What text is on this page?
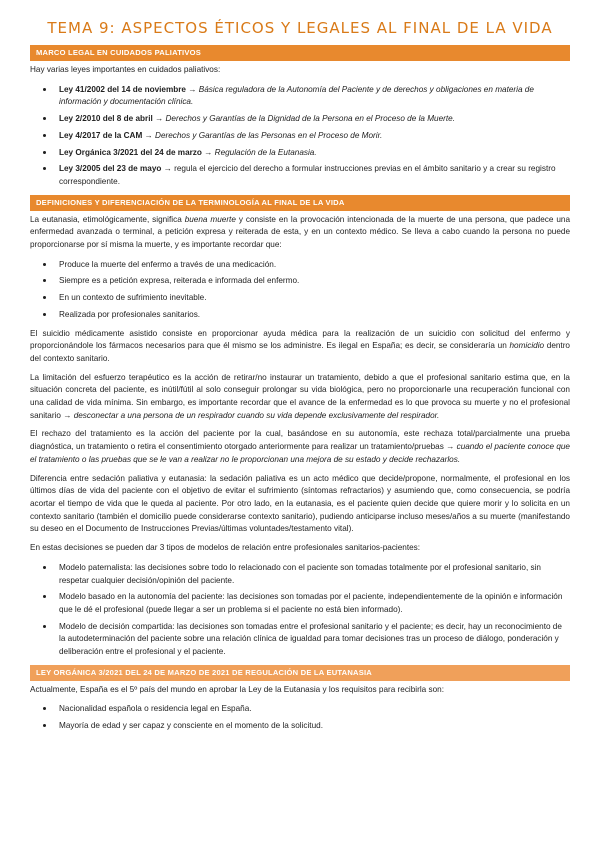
TEMA 9: ASPECTOS ÉTICOS Y LEGALES AL FINAL DE LA VIDA
MARCO LEGAL EN CUIDADOS PALIATIVOS

Hay varias leyes importantes en cuidados paliativos:

• Ley 41/2002 del 14 de noviembre → Básica reguladora de la Autonomía del Paciente y de derechos y obligaciones en materia de información y documentación clínica.
• Ley 2/2010 del 8 de abril → Derechos y Garantías de la Dignidad de la Persona en el Proceso de la Muerte.
• Ley 4/2017 de la CAM → Derechos y Garantías de las Personas en el Proceso de Morir.
• Ley Orgánica 3/2021 del 24 de marzo → Regulación de la Eutanasia.
• Ley 3/2005 del 23 de mayo → regula el ejercicio del derecho a formular instrucciones previas en el ámbito sanitario y a crear su registro correspondiente.
DEFINICIONES Y DIFERENCIACIÓN DE LA TERMINOLOGÍA AL FINAL DE LA VIDA

La eutanasia, etimológicamente, significa buena muerte y consiste en la provocación intencionada de la muerte de una persona, que padece una enfermedad avanzada o terminal, a petición expresa y reiterada de esta, y en un contexto médico. Se lleva a cabo cuando la persona no puede proporcionarse por sí misma la muerte, y es importante recordar que:

• Produce la muerte del enfermo a través de una medicación.
• Siempre es a petición expresa, reiterada e informada del enfermo.
• En un contexto de sufrimiento inevitable.
• Realizada por profesionales sanitarios.

El suicidio médicamente asistido consiste en proporcionar ayuda médica para la realización de un suicidio con solicitud del enfermo y proporcionándole los fármacos necesarios para que él mismo se los administre. Es ilegal en España; es decir, se consideraría un homicidio dentro del contexto sanitario.

La limitación del esfuerzo terapéutico es la acción de retirar/no instaurar un tratamiento, debido a que el profesional sanitario estima que, en la situación concreta del paciente, es inútil/fútil al solo conseguir prolongar su vida biológica, pero no proporcionarle una recuperación funcional con una calidad de vida mínima. Sin embargo, es importante recordar que el avance de la enfermedad es lo que provoca su muerte y no el profesional sanitario → desconectar a una persona de un respirador cuando su vida depende exclusivamente del respirador.

El rechazo del tratamiento es la acción del paciente por la cual, basándose en su autonomía, este rechaza total/parcialmente una prueba diagnóstica, un tratamiento o retira el consentimiento otorgado anteriormente para realizar un tratamiento/pruebas → cuando el paciente conoce que el tratamiento o las pruebas que se le van a realizar no le proporcionan una mejora de su estado y decide rechazarlos.

Diferencia entre sedación paliativa y eutanasia: la sedación paliativa es un acto médico que decide/propone, normalmente, el profesional en los últimos días de vida del paciente con el objetivo de evitar el sufrimiento (síntomas refractarios) y asumiendo que, como consecuencia, se podría acortar el tiempo de vida que le queda al paciente. Por otro lado, en la eutanasia, es el paciente quien decide que quiere morir y lo solicita en un contexto sanitario (también el domicilio puede considerarse contexto sanitario), pudiendo anticiparse incluso meses/años a su muerte (manifestando su deseo en el Documento de Instrucciones Previas/últimas voluntades/testamento vital).

En estas decisiones se pueden dar 3 tipos de modelos de relación entre profesionales sanitarios-pacientes:

• Modelo paternalista: las decisiones sobre todo lo relacionado con el paciente son tomadas totalmente por el profesional sanitario, sin respetar cualquier decisión/opinión del paciente.
• Modelo basado en la autonomía del paciente: las decisiones son tomadas por el paciente, independientemente de la opinión e información que le dé el profesional (puede llegar a ser un problema si el paciente no está bien informado).
• Modelo de decisión compartida: las decisiones son tomadas entre el profesional sanitario y el paciente; es decir, hay un reconocimiento de la autodeterminación del paciente sobre una relación clínica de igualdad para tomar decisiones tras un proceso de diálogo, ponderación y deliberación entre el profesional y el paciente.
LEY ORGÁNICA 3/2021 DEL 24 DE MARZO DE 2021 DE REGULACIÓN DE LA EUTANASIA

Actualmente, España es el 5º país del mundo en aprobar la Ley de la Eutanasia y los requisitos para recibirla son:

• Nacionalidad española o residencia legal en España.
• Mayoría de edad y ser capaz y consciente en el momento de la solicitud.
